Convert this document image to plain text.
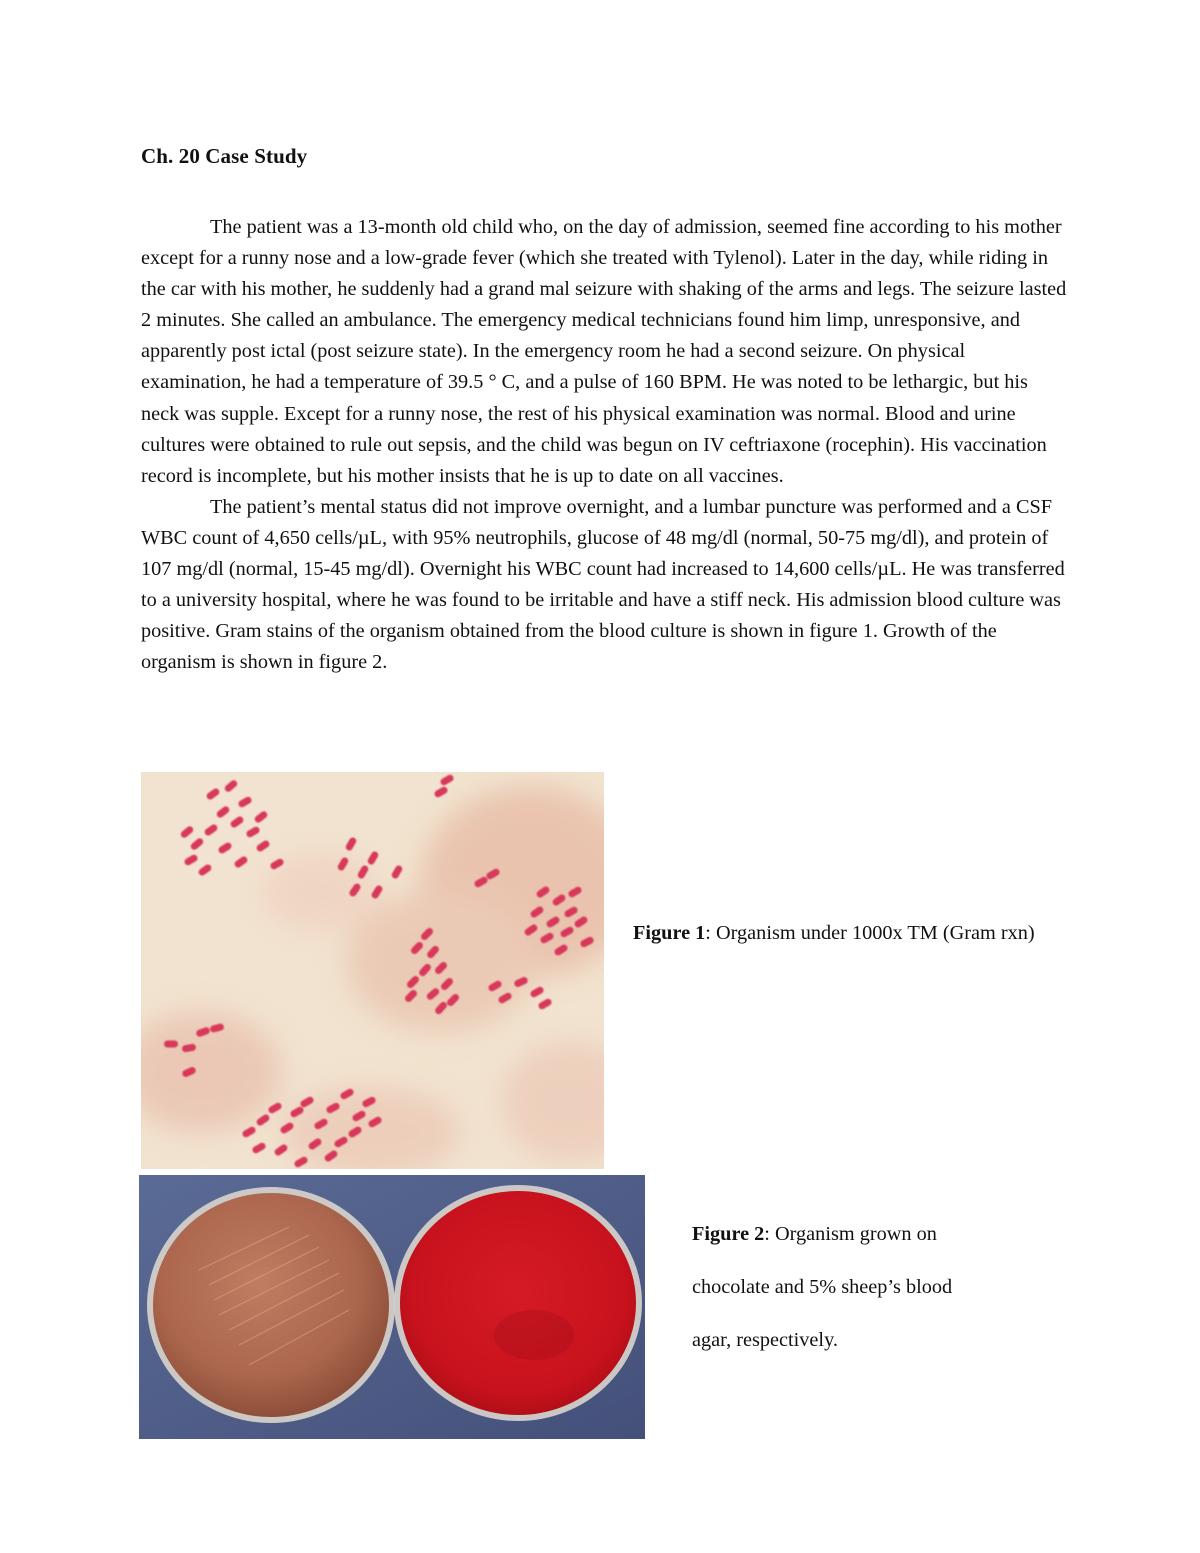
Ch. 20 Case Study

The patient was a 13-month old child who, on the day of admission, seemed fine according to his mother except for a runny nose and a low-grade fever (which she treated with Tylenol). Later in the day, while riding in the car with his mother, he suddenly had a grand mal seizure with shaking of the arms and legs. The seizure lasted 2 minutes. She called an ambulance. The emergency medical technicians found him limp, unresponsive, and apparently post ictal (post seizure state). In the emergency room he had a second seizure. On physical examination, he had a temperature of 39.5 ° C, and a pulse of 160 BPM. He was noted to be lethargic, but his neck was supple. Except for a runny nose, the rest of his physical examination was normal. Blood and urine cultures were obtained to rule out sepsis, and the child was begun on IV ceftriaxone (rocephin). His vaccination record is incomplete, but his mother insists that he is up to date on all vaccines.

The patient’s mental status did not improve overnight, and a lumbar puncture was performed and a CSF WBC count of 4,650 cells/µL, with 95% neutrophils, glucose of 48 mg/dl (normal, 50-75 mg/dl), and protein of 107 mg/dl (normal, 15-45 mg/dl). Overnight his WBC count had increased to 14,600 cells/µL. He was transferred to a university hospital, where he was found to be irritable and have a stiff neck. His admission blood culture was positive. Gram stains of the organism obtained from the blood culture is shown in figure 1. Growth of the organism is shown in figure 2.

Figure 1: Organism under 1000x TM (Gram rxn)
Figure 2: Organism grown on
chocolate and 5% sheep’s blood
agar, respectively.
